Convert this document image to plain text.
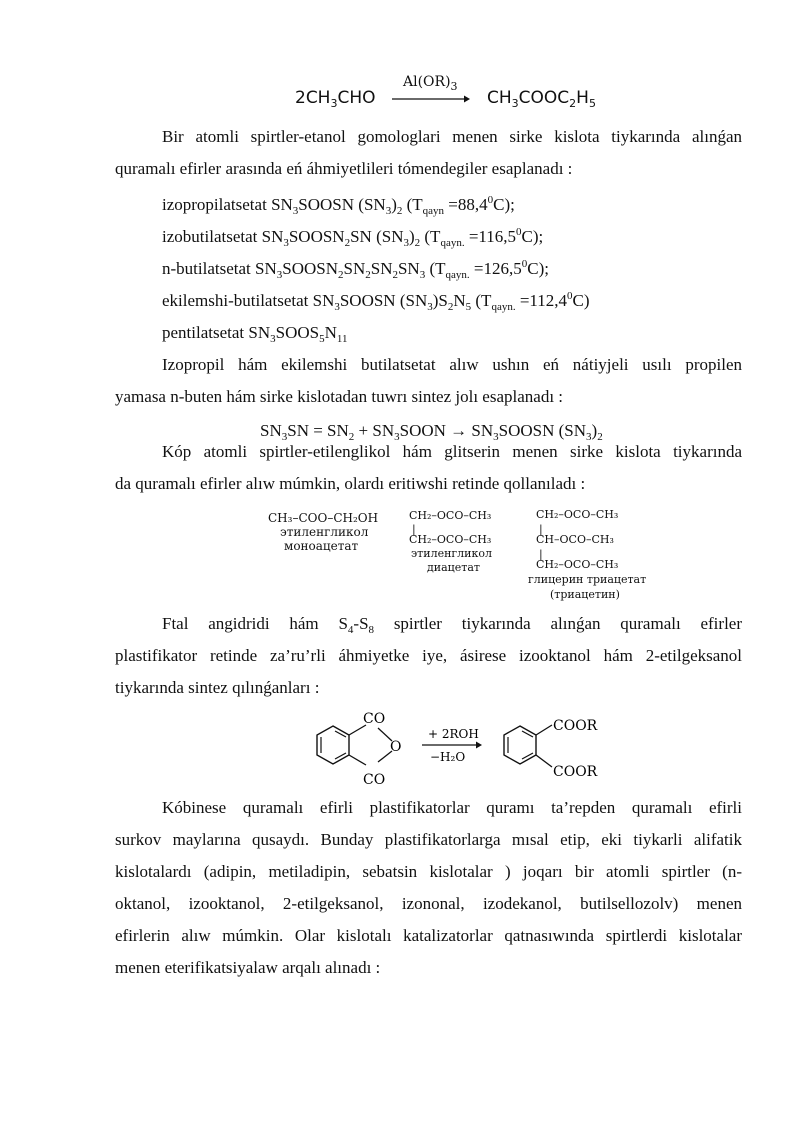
$2CH_3CHO$
$Al(OR)_3$
$CH_3COOC_2H_5$
Bir atomli spirtler-etanol gomologlari menen sirke kislota tiykarında alınǵan
quramalı efirler arasında eń áhmiyetlileri tómendegiler esaplanadı :
izopropilatsetat $SN_3SOOSN$ $(SN_3)_2$ $(T_{qayn} =88,4^0C)$;
izobutilatsetat $SN_3SOOSN_2SN$ $(SN_3)_2$ $(T_{qayn.} =116,5^0C)$;
n-butilatsetat $SN_3SOOSN_2SN_2SN_2SN_3$ $(T_{qayn.} =126,5^0C)$;
ekilemshi-butilatsetat $SN_3SOOSN$ $(SN_3)S_2N_5$ $(T_{qayn.} =112,4^0C)$
pentilatsetat $SN_3SOOS_5N_{11}$
Izopropil hám ekilemshi butilatsetat alıw ushın eń nátiyjeli usılı propilen
yamasa n-buten hám sirke kislotadan tuwrı sintez jolı esaplanadı :
$SN_3SN = SN_2$ + $SN_3SOON$ → $SN_3SOOSN$ $(SN_3)_2$
Kóp atomli spirtler-etilenglikol hám glitserin menen sirke kislota tiykarında
da quramalı efirler alıw múmkin, olardı eritiwshi retinde qollanıladı :
CH₃–COO–CH₂OH
этиленгликол
моноацетат
CH₂–OCO–CH₃
|
CH₂–OCO–CH₃
этиленгликол
диацетат
CH₂–OCO–CH₃
|
CH–OCO–CH₃
|
CH₂–OCO–CH₃
глицерин триацетат
(триацетин)
Ftal angidridi hám $S_4-S_8$ spirtler tiykarında alınǵan quramalı efirler
plastifikator retinde za’ru’rli áhmiyetke iye, ásirese izooktanol hám 2-etilgeksanol
tiykarında sintez qılınǵanları :
CO
O
CO
+ 2ROH
−H₂O
COOR
COOR
Kóbinese quramalı efirli plastifikatorlar quramı ta’repden quramalı efirli
surkov maylarına qusaydı. Bunday plastifikatorlarga mısal etip, eki tiykarli alifatik
kislotalardı (adipin, metiladipin, sebatsin kislotalar ) joqarı bir atomli spirtler (n-
oktanol, izooktanol, 2-etilgeksanol, izononal, izodekanol, butilsellozolv) menen
efirlerin alıw múmkin. Olar kislotalı katalizatorlar qatnasıwında spirtlerdi kislotalar
menen eterifikatsiyalaw arqalı alınadı :
